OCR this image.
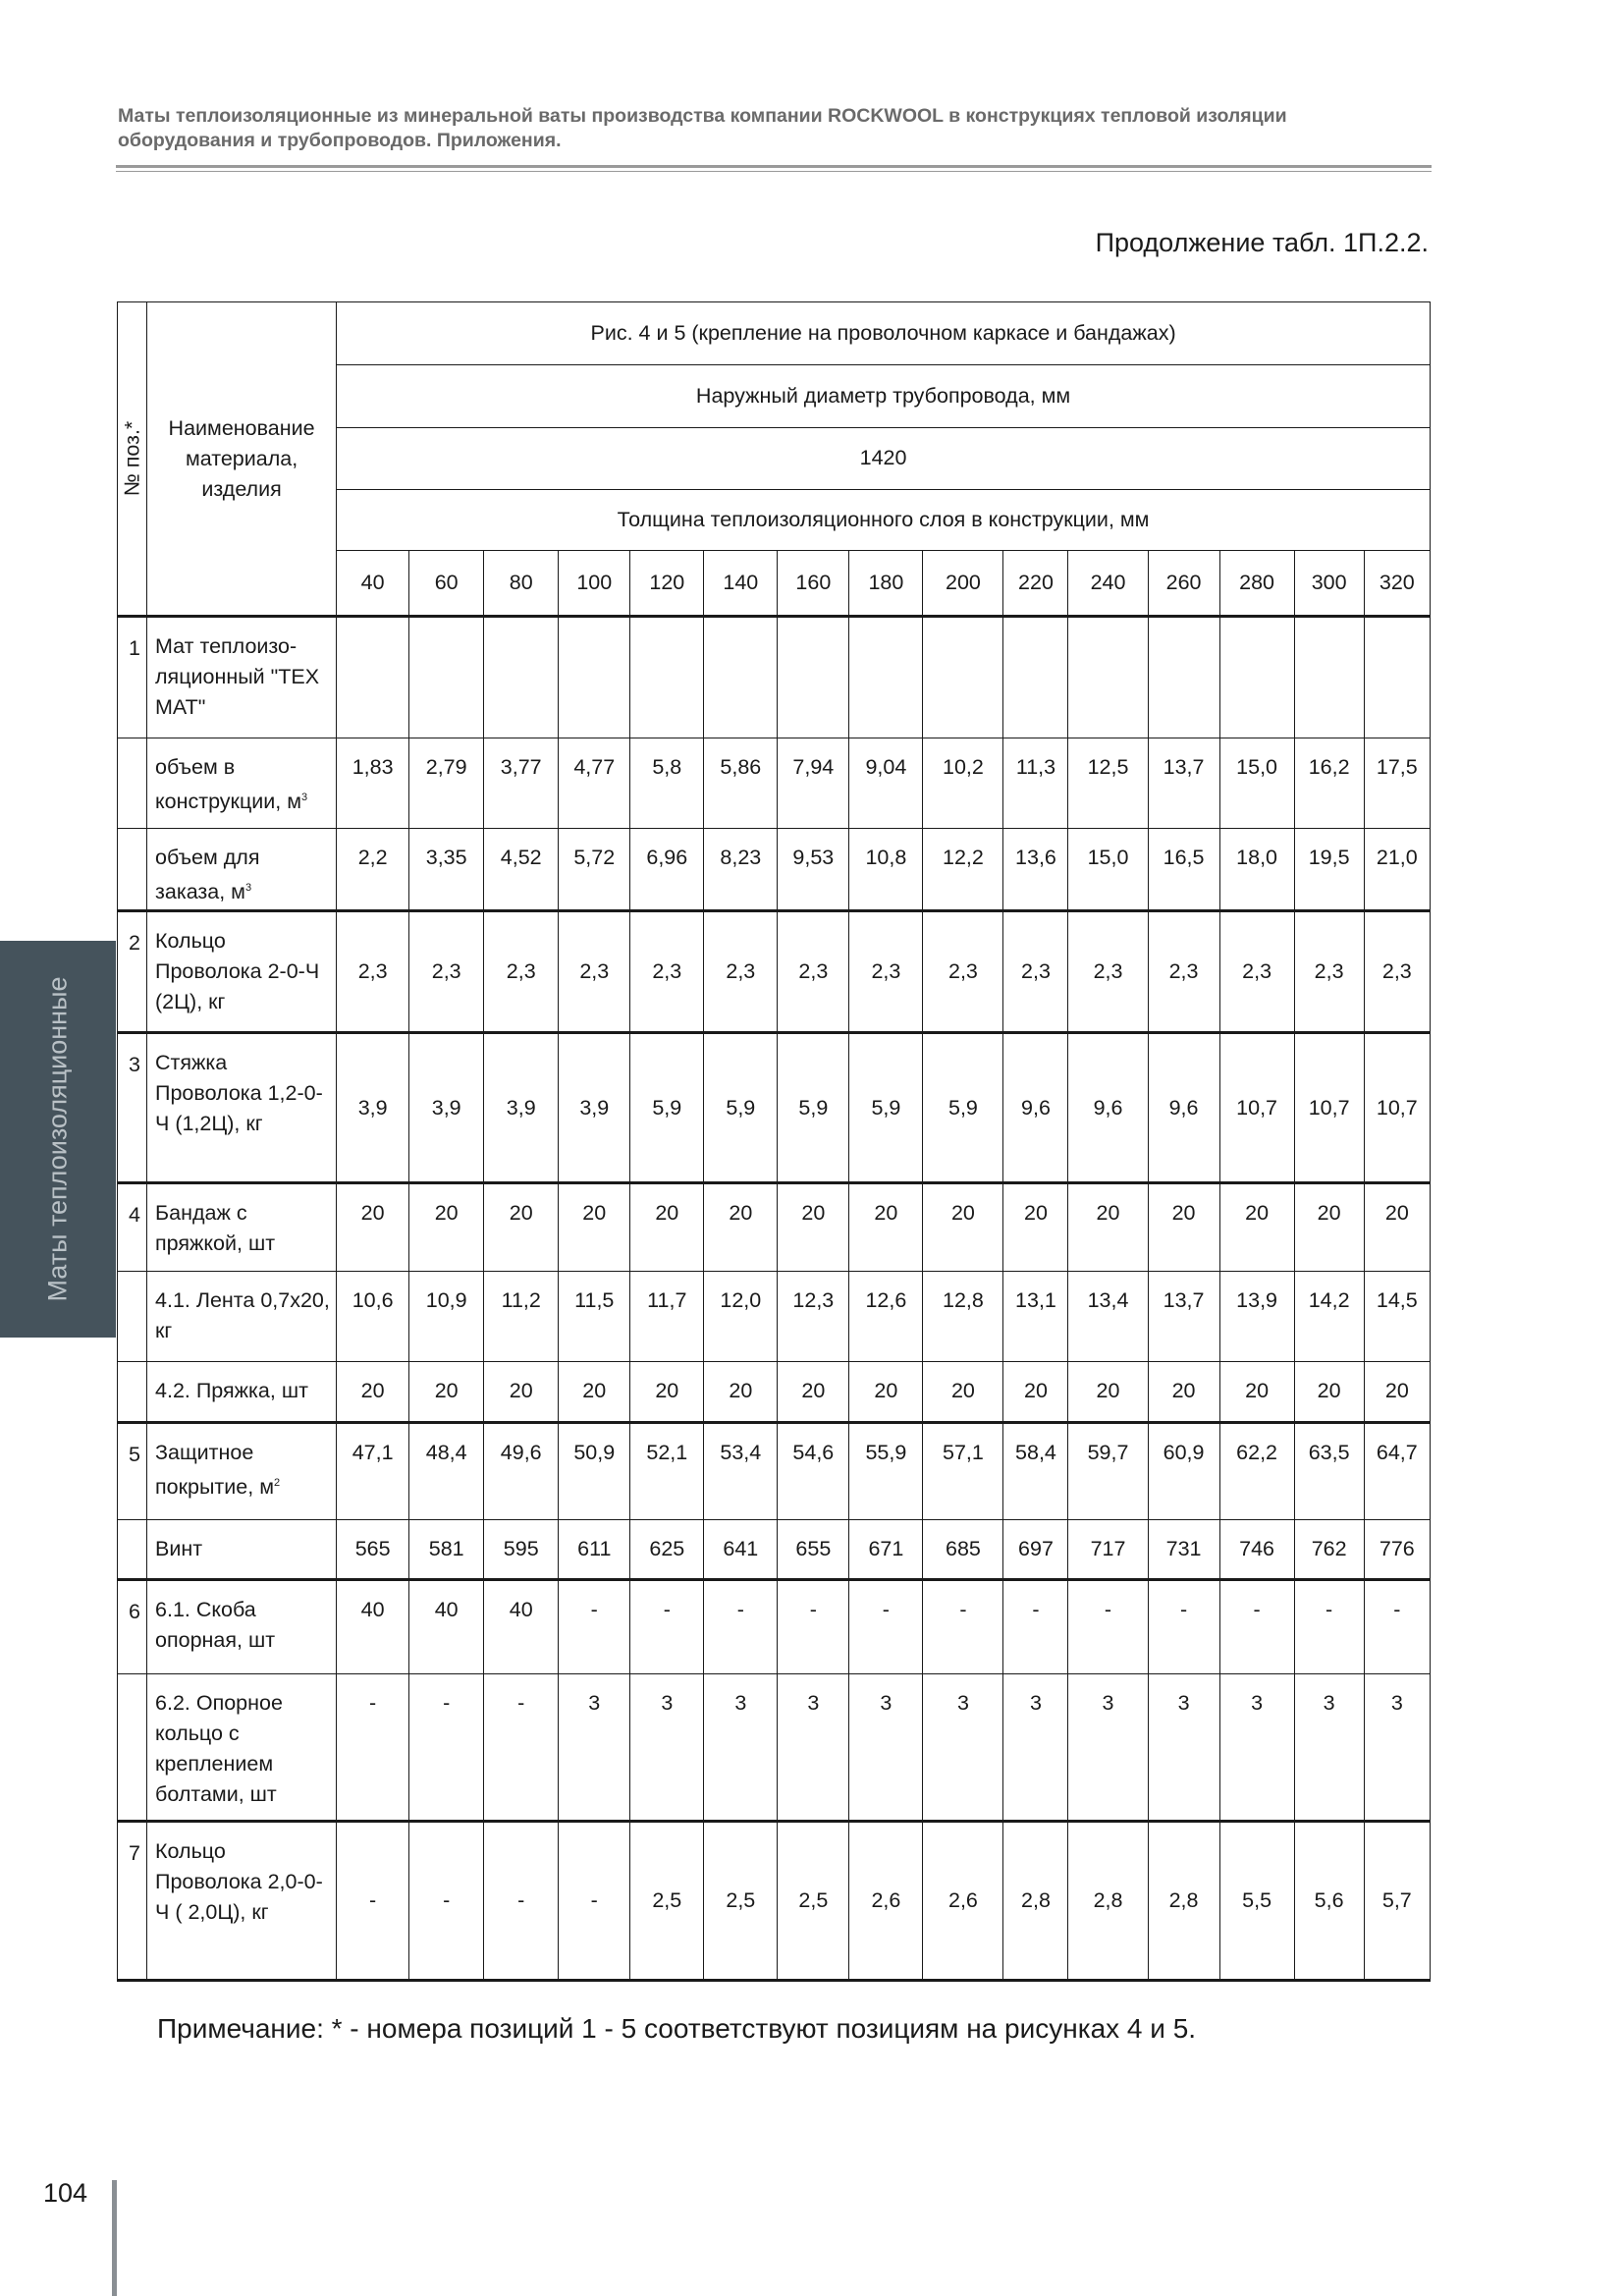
Маты теплоизоляционные из минеральной ваты производства компании ROCKWOOL в конструкциях тепловой изоляции
оборудования и трубопроводов. Приложения.
Продолжение табл. 1П.2.2.
Маты теплоизоляционные
№ поз.*	Наименование материала, изделия	Рис. 4 и 5 (крепление на проволочном каркасе и бандажах)														
		Наружный диаметр трубопровода, мм														
		1420														
		Толщина теплоизоляционного слоя в конструкции, мм														
		40	60	80	100	120	140	160	180	200	220	240	260	280	300	320
1	Мат теплоизо-ляционный "ТЕХ МАТ"															
	объем в конструкции, $м^3$	1,83	2,79	3,77	4,77	5,8	5,86	7,94	9,04	10,2	11,3	12,5	13,7	15,0	16,2	17,5
	объем для заказа, $м^3$	2,2	3,35	4,52	5,72	6,96	8,23	9,53	10,8	12,2	13,6	15,0	16,5	18,0	19,5	21,0
2	Кольцо Проволока 2-0-Ч (2Ц), кг	2,3	2,3	2,3	2,3	2,3	2,3	2,3	2,3	2,3	2,3	2,3	2,3	2,3	2,3	2,3
3	Стяжка Проволока 1,2-0-Ч (1,2Ц), кг	3,9	3,9	3,9	3,9	5,9	5,9	5,9	5,9	5,9	9,6	9,6	9,6	10,7	10,7	10,7
4	Бандаж с пряжкой, шт	20	20	20	20	20	20	20	20	20	20	20	20	20	20	20
	4.1. Лента 0,7х20, кг	10,6	10,9	11,2	11,5	11,7	12,0	12,3	12,6	12,8	13,1	13,4	13,7	13,9	14,2	14,5
	4.2. Пряжка, шт	20	20	20	20	20	20	20	20	20	20	20	20	20	20	20
5	Защитное покрытие, $м^2$	47,1	48,4	49,6	50,9	52,1	53,4	54,6	55,9	57,1	58,4	59,7	60,9	62,2	63,5	64,7
	Винт	565	581	595	611	625	641	655	671	685	697	717	731	746	762	776
6	6.1. Скоба опорная, шт	40	40	40	-	-	-	-	-	-	-	-	-	-	-	-
	6.2. Опорное кольцо с креплением болтами, шт	-	-	-	3	3	3	3	3	3	3	3	3	3	3	3
7	Кольцо Проволока 2,0-0-Ч ( 2,0Ц), кг	-	-	-	-	2,5	2,5	2,5	2,6	2,6	2,8	2,8	2,8	5,5	5,6	5,7
Примечание: * - номера позиций 1 - 5 соответствуют позициям на рисунках 4 и 5.
104
